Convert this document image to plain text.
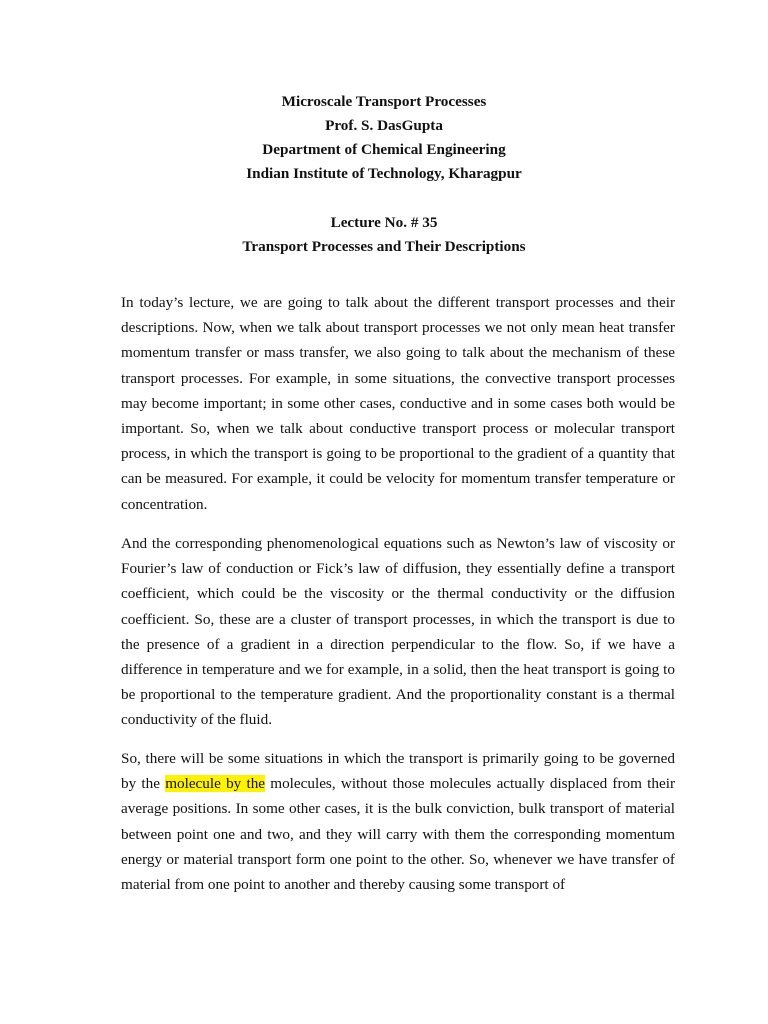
Microscale Transport Processes
Prof. S. DasGupta
Department of Chemical Engineering
Indian Institute of Technology, Kharagpur
Lecture No. # 35
Transport Processes and Their Descriptions

In today’s lecture, we are going to talk about the different transport processes and their descriptions. Now, when we talk about transport processes we not only mean heat transfer momentum transfer or mass transfer, we also going to talk about the mechanism of these transport processes. For example, in some situations, the convective transport processes may become important; in some other cases, conductive and in some cases both would be important. So, when we talk about conductive transport process or molecular transport process, in which the transport is going to be proportional to the gradient of a quantity that can be measured. For example, it could be velocity for momentum transfer temperature or concentration.

And the corresponding phenomenological equations such as Newton’s law of viscosity or Fourier’s law of conduction or Fick’s law of diffusion, they essentially define a transport coefficient, which could be the viscosity or the thermal conductivity or the diffusion coefficient. So, these are a cluster of transport processes, in which the transport is due to the presence of a gradient in a direction perpendicular to the flow. So, if we have a difference in temperature and we for example, in a solid, then the heat transport is going to be proportional to the temperature gradient. And the proportionality constant is a thermal conductivity of the fluid.

So, there will be some situations in which the transport is primarily going to be governed by the molecule by the molecules, without those molecules actually displaced from their average positions. In some other cases, it is the bulk conviction, bulk transport of material between point one and two, and they will carry with them the corresponding momentum energy or material transport form one point to the other. So, whenever we have transfer of material from one point to another and thereby causing some transport of
